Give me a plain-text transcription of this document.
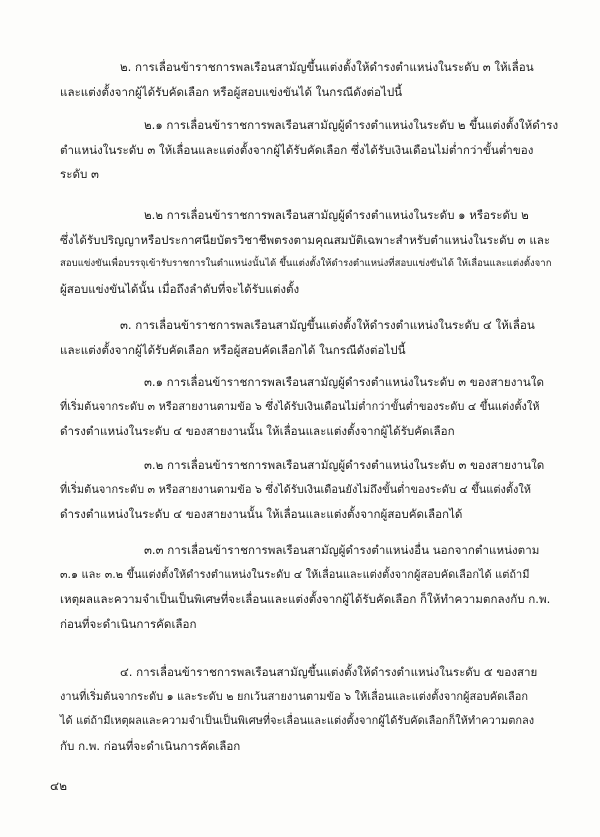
๒. การเลื่อนข้าราชการพลเรือนสามัญขึ้นแต่งตั้งให้ดำรงตำแหน่งในระดับ ๓ ให้เลื่อน
และแต่งตั้งจากผู้ได้รับคัดเลือก หรือผู้สอบแข่งขันได้ ในกรณีดังต่อไปนี้
๒.๑ การเลื่อนข้าราชการพลเรือนสามัญผู้ดำรงตำแหน่งในระดับ ๒ ขึ้นแต่งตั้งให้ดำรง
ตำแหน่งในระดับ ๓ ให้เลื่อนและแต่งตั้งจากผู้ได้รับคัดเลือก ซึ่งได้รับเงินเดือนไม่ต่ำกว่าขั้นต่ำของ
ระดับ ๓
๒.๒ การเลื่อนข้าราชการพลเรือนสามัญผู้ดำรงตำแหน่งในระดับ ๑ หรือระดับ ๒
ซึ่งได้รับปริญญาหรือประกาศนียบัตรวิชาชีพตรงตามคุณสมบัติเฉพาะสำหรับตำแหน่งในระดับ ๓ และ
สอบแข่งขันเพื่อบรรจุเข้ารับราชการในตำแหน่งนั้นได้ ขึ้นแต่งตั้งให้ดำรงตำแหน่งที่สอบแข่งขันได้ ให้เลื่อนและแต่งตั้งจาก
ผู้สอบแข่งขันได้นั้น เมื่อถึงลำดับที่จะได้รับแต่งตั้ง
๓. การเลื่อนข้าราชการพลเรือนสามัญขึ้นแต่งตั้งให้ดำรงตำแหน่งในระดับ ๔ ให้เลื่อน
และแต่งตั้งจากผู้ได้รับคัดเลือก หรือผู้สอบคัดเลือกได้ ในกรณีดังต่อไปนี้
๓.๑ การเลื่อนข้าราชการพลเรือนสามัญผู้ดำรงตำแหน่งในระดับ ๓ ของสายงานใด
ที่เริ่มต้นจากระดับ ๓ หรือสายงานตามข้อ ๖ ซึ่งได้รับเงินเดือนไม่ต่ำกว่าขั้นต่ำของระดับ ๔ ขึ้นแต่งตั้งให้
ดำรงตำแหน่งในระดับ ๔ ของสายงานนั้น ให้เลื่อนและแต่งตั้งจากผู้ได้รับคัดเลือก
๓.๒ การเลื่อนข้าราชการพลเรือนสามัญผู้ดำรงตำแหน่งในระดับ ๓ ของสายงานใด
ที่เริ่มต้นจากระดับ ๓ หรือสายงานตามข้อ ๖ ซึ่งได้รับเงินเดือนยังไม่ถึงขั้นต่ำของระดับ ๔ ขึ้นแต่งตั้งให้
ดำรงตำแหน่งในระดับ ๔ ของสายงานนั้น ให้เลื่อนและแต่งตั้งจากผู้สอบคัดเลือกได้
๓.๓ การเลื่อนข้าราชการพลเรือนสามัญผู้ดำรงตำแหน่งอื่น นอกจากตำแหน่งตาม
๓.๑ และ ๓.๒ ขึ้นแต่งตั้งให้ดำรงตำแหน่งในระดับ ๔ ให้เลื่อนและแต่งตั้งจากผู้สอบคัดเลือกได้ แต่ถ้ามี
เหตุผลและความจำเป็นเป็นพิเศษที่จะเลื่อนและแต่งตั้งจากผู้ได้รับคัดเลือก ก็ให้ทำความตกลงกับ ก.พ.
ก่อนที่จะดำเนินการคัดเลือก
๔. การเลื่อนข้าราชการพลเรือนสามัญขึ้นแต่งตั้งให้ดำรงตำแหน่งในระดับ ๕ ของสาย
งานที่เริ่มต้นจากระดับ ๑ และระดับ ๒ ยกเว้นสายงานตามข้อ ๖ ให้เลื่อนและแต่งตั้งจากผู้สอบคัดเลือก
ได้ แต่ถ้ามีเหตุผลและความจำเป็นเป็นพิเศษที่จะเลื่อนและแต่งตั้งจากผู้ได้รับคัดเลือกก็ให้ทำความตกลง
กับ ก.พ. ก่อนที่จะดำเนินการคัดเลือก
๔๒
